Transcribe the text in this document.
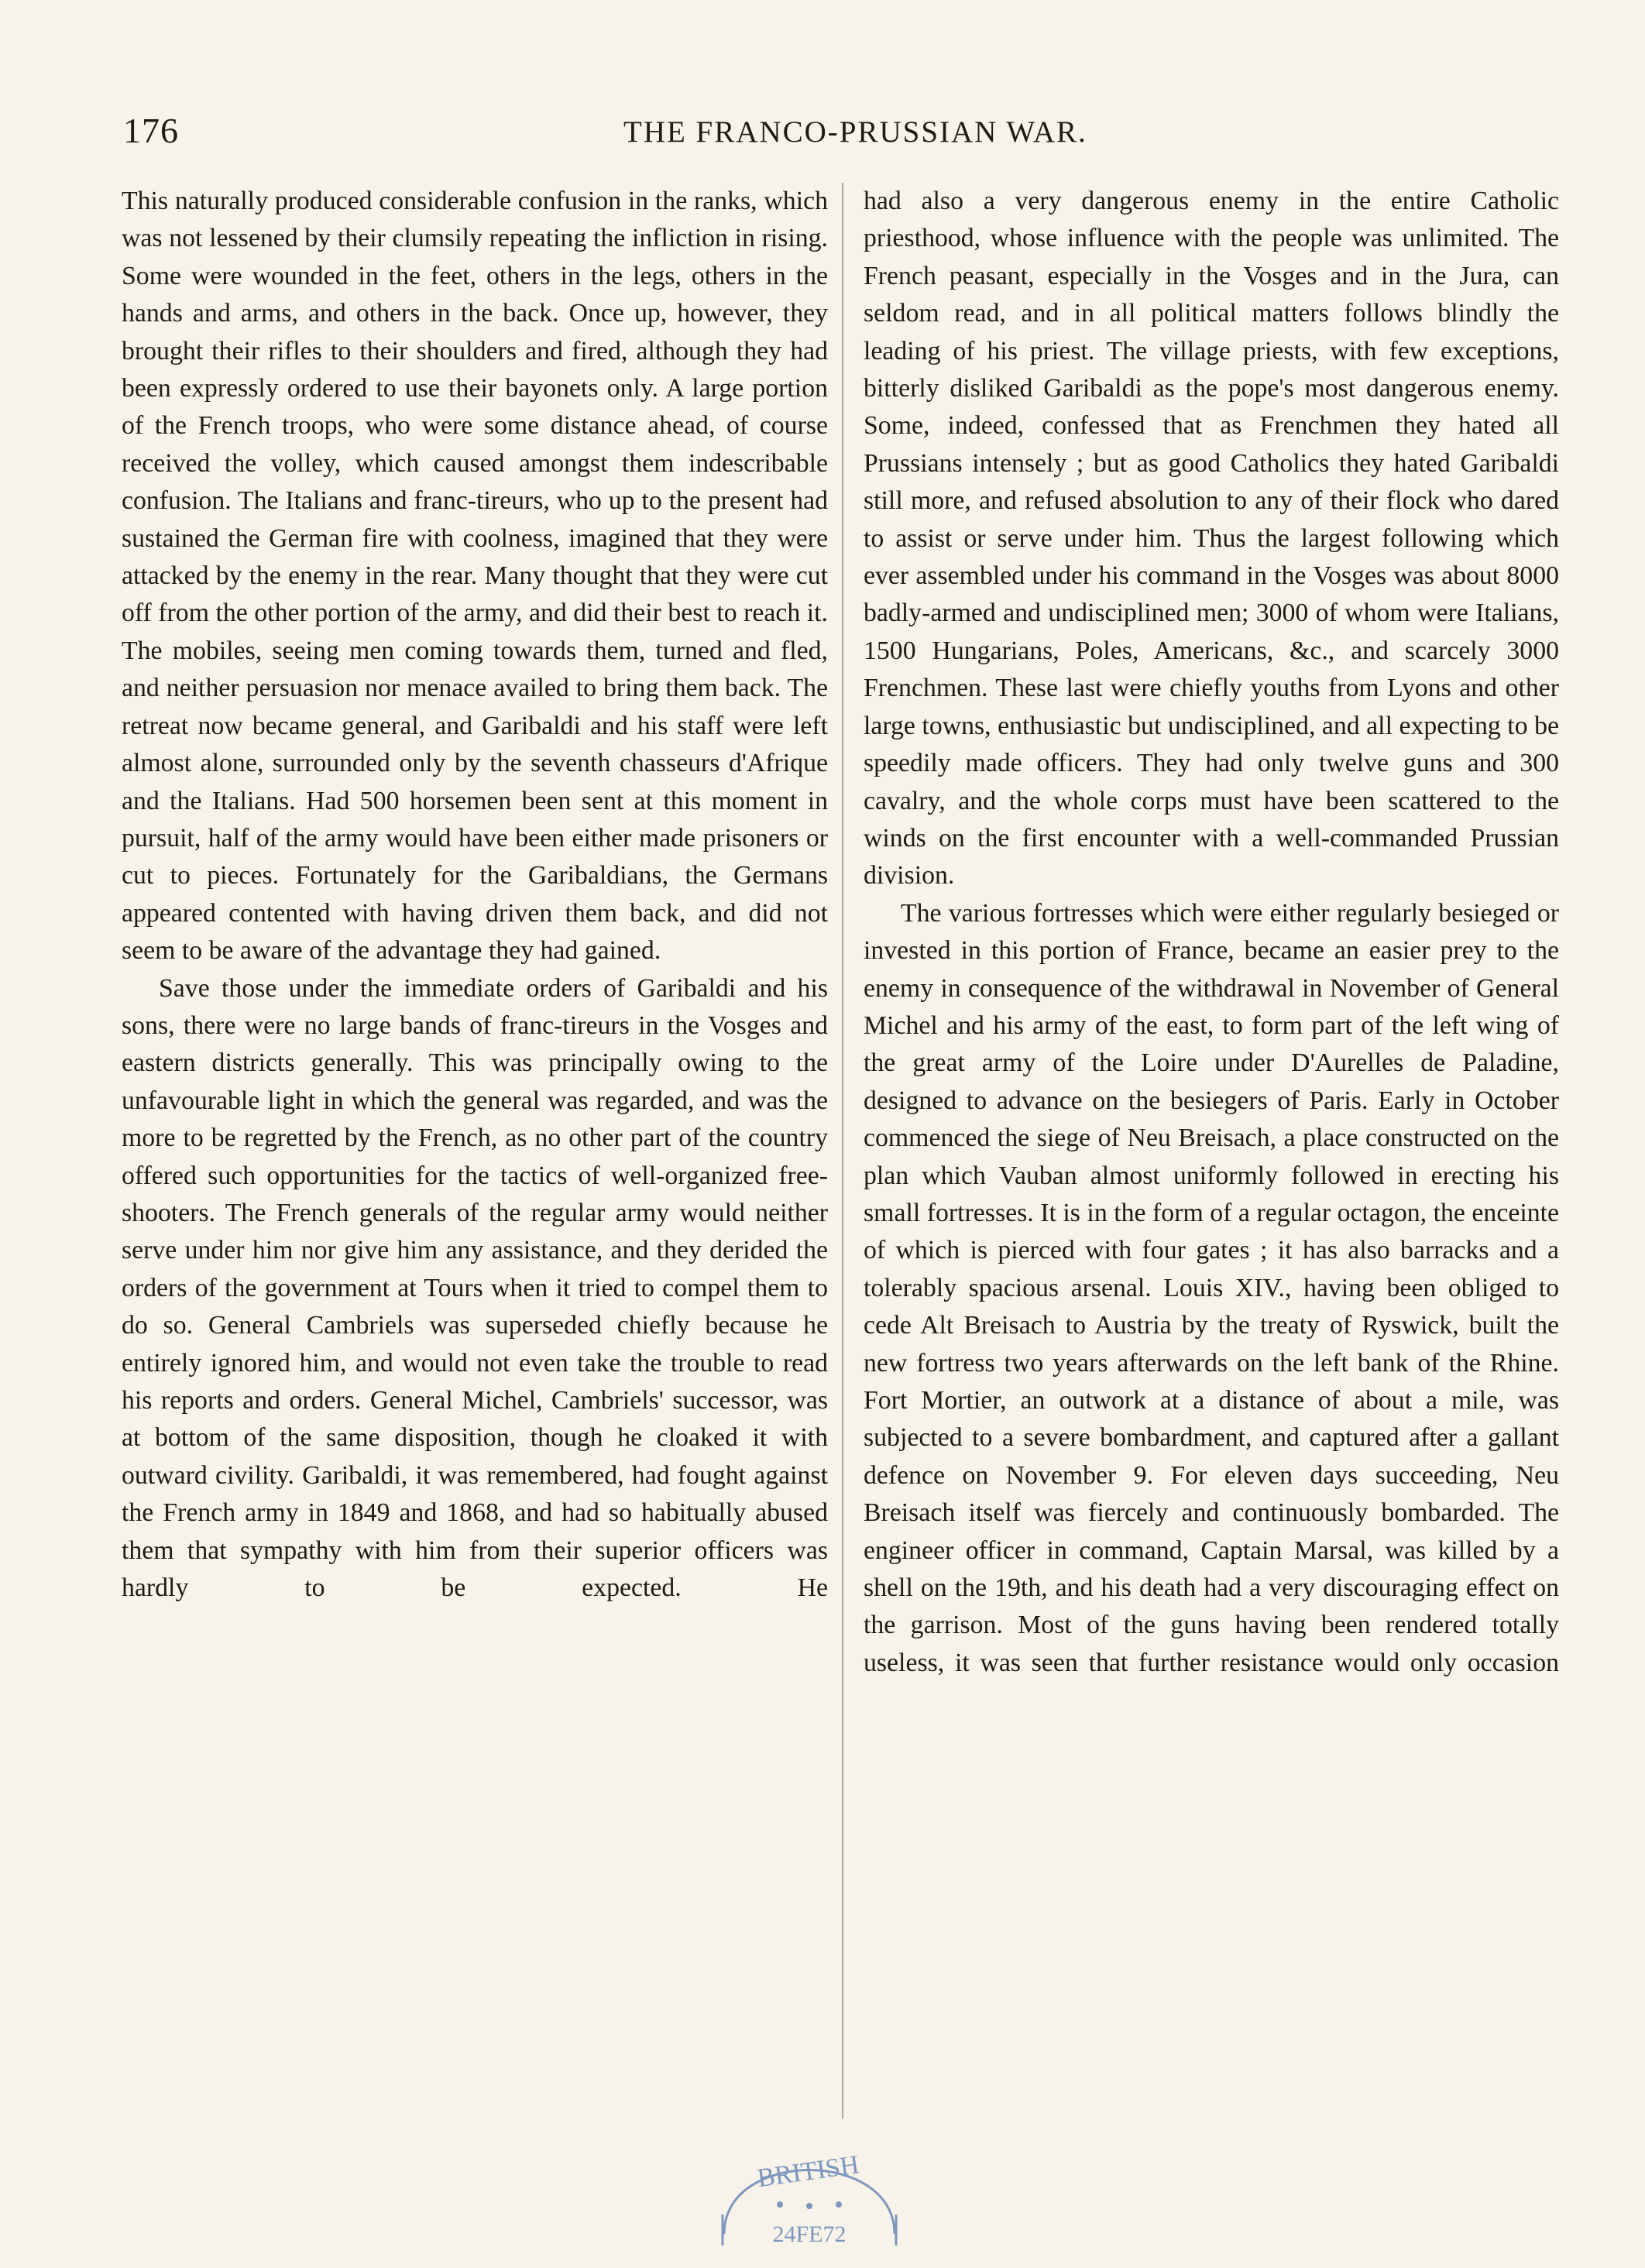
176	THE FRANCO-PRUSSIAN WAR.

This naturally produced considerable confusion in the ranks, which was not lessened by their clumsily repeating the infliction in rising. Some were wounded in the feet, others in the legs, others in the hands and arms, and others in the back. Once up, however, they brought their rifles to their shoulders and fired, although they had been expressly ordered to use their bayonets only. A large portion of the French troops, who were some distance ahead, of course received the volley, which caused amongst them indescribable confusion. The Italians and franc-tireurs, who up to the present had sustained the German fire with coolness, imagined that they were attacked by the enemy in the rear. Many thought that they were cut off from the other portion of the army, and did their best to reach it. The mobiles, seeing men coming towards them, turned and fled, and neither persuasion nor menace availed to bring them back. The retreat now became general, and Garibaldi and his staff were left almost alone, surrounded only by the seventh chasseurs d'Afrique and the Italians. Had 500 horsemen been sent at this moment in pursuit, half of the army would have been either made prisoners or cut to pieces. Fortunately for the Garibaldians, the Germans appeared contented with having driven them back, and did not seem to be aware of the advantage they had gained.

Save those under the immediate orders of Garibaldi and his sons, there were no large bands of franc-tireurs in the Vosges and eastern districts generally. This was principally owing to the unfavourable light in which the general was regarded, and was the more to be regretted by the French, as no other part of the country offered such opportunities for the tactics of well-organized free-shooters. The French generals of the regular army would neither serve under him nor give him any assistance, and they derided the orders of the government at Tours when it tried to compel them to do so. General Cambriels was superseded chiefly because he entirely ignored him, and would not even take the trouble to read his reports and orders. General Michel, Cambriels' successor, was at bottom of the same disposition, though he cloaked it with outward civility. Garibaldi, it was remembered, had fought against the French army in 1849 and 1868, and had so habitually abused them that sympathy with him from their superior officers was hardly to be expected. He

had also a very dangerous enemy in the entire Catholic priesthood, whose influence with the people was unlimited. The French peasant, especially in the Vosges and in the Jura, can seldom read, and in all political matters follows blindly the leading of his priest. The village priests, with few exceptions, bitterly disliked Garibaldi as the pope's most dangerous enemy. Some, indeed, confessed that as Frenchmen they hated all Prussians intensely ; but as good Catholics they hated Garibaldi still more, and refused absolution to any of their flock who dared to assist or serve under him. Thus the largest following which ever assembled under his command in the Vosges was about 8000 badly-armed and undisciplined men; 3000 of whom were Italians, 1500 Hungarians, Poles, Americans, &c., and scarcely 3000 Frenchmen. These last were chiefly youths from Lyons and other large towns, enthusiastic but undisciplined, and all expecting to be speedily made officers. They had only twelve guns and 300 cavalry, and the whole corps must have been scattered to the winds on the first encounter with a well-commanded Prussian division.

The various fortresses which were either regularly besieged or invested in this portion of France, became an easier prey to the enemy in consequence of the withdrawal in November of General Michel and his army of the east, to form part of the left wing of the great army of the Loire under D'Aurelles de Paladine, designed to advance on the besiegers of Paris. Early in October commenced the siege of Neu Breisach, a place constructed on the plan which Vauban almost uniformly followed in erecting his small fortresses. It is in the form of a regular octagon, the enceinte of which is pierced with four gates ; it has also barracks and a tolerably spacious arsenal. Louis XIV., having been obliged to cede Alt Breisach to Austria by the treaty of Ryswick, built the new fortress two years afterwards on the left bank of the Rhine. Fort Mortier, an outwork at a distance of about a mile, was subjected to a severe bombardment, and captured after a gallant defence on November 9. For eleven days succeeding, Neu Breisach itself was fiercely and continuously bombarded. The engineer officer in command, Captain Marsal, was killed by a shell on the 19th, and his death had a very discouraging effect on the garrison. Most of the guns having been rendered totally useless, it was seen that further resistance would only occasion

BRITISH
24FE72
